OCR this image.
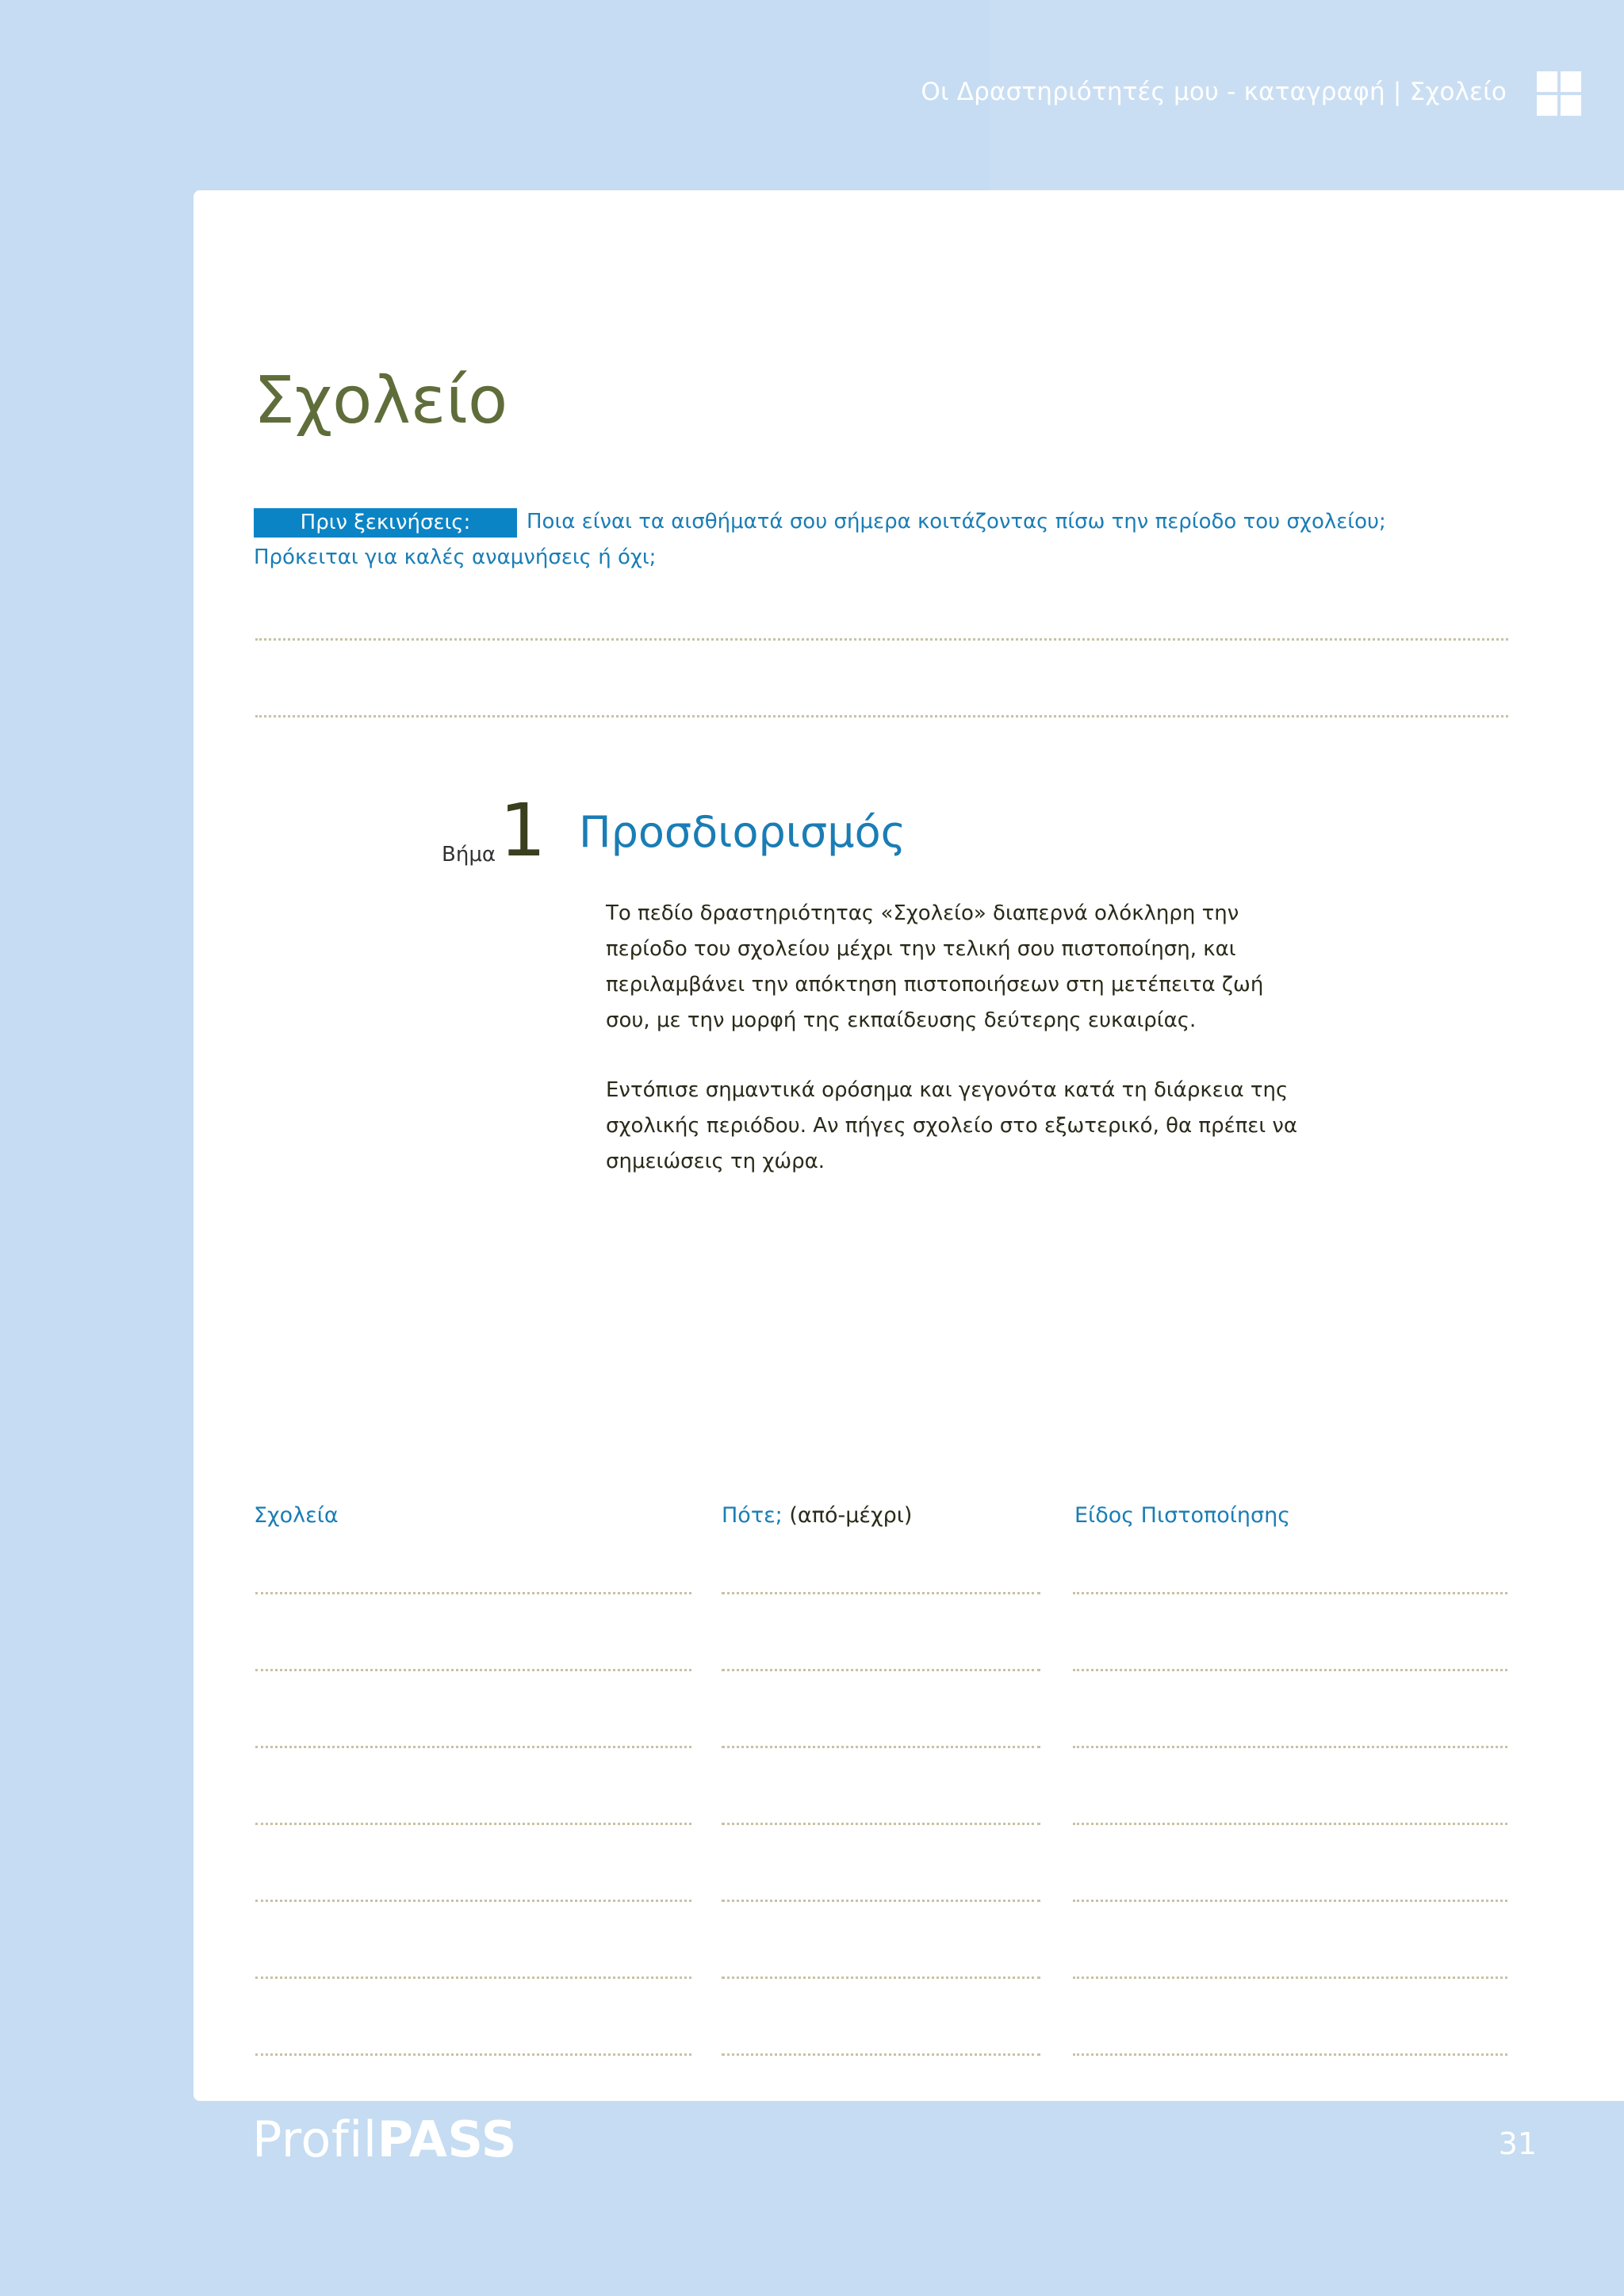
Οι Δραστηριότητές μου - καταγραφή | Σχολείο
Σχολείο
Πριν ξεκινήσεις:	Ποια είναι τα αισθήματά σου σήμερα κοιτάζοντας πίσω την περίοδο του σχολείου;
Πρόκειται για καλές αναμνήσεις ή όχι;
Βήμα 1 Προσδιορισμός

Το πεδίο δραστηριότητας «Σχολείο» διαπερνά ολόκληρη την περίοδο του σχολείου μέχρι την τελική σου πιστοποίηση, και περιλαμβάνει την απόκτηση πιστοποιήσεων στη μετέπειτα ζωή σου, με την μορφή της εκπαίδευσης δεύτερης ευκαιρίας.

Εντόπισε σημαντικά ορόσημα και γεγονότα κατά τη διάρκεια της σχολικής περιόδου. Αν πήγες σχολείο στο εξωτερικό, θα πρέπει να σημειώσεις τη χώρα.

Σχολεία	Πότε; (από-μέχρι)	Είδος Πιστοποίησης
ProfilPASS	31
